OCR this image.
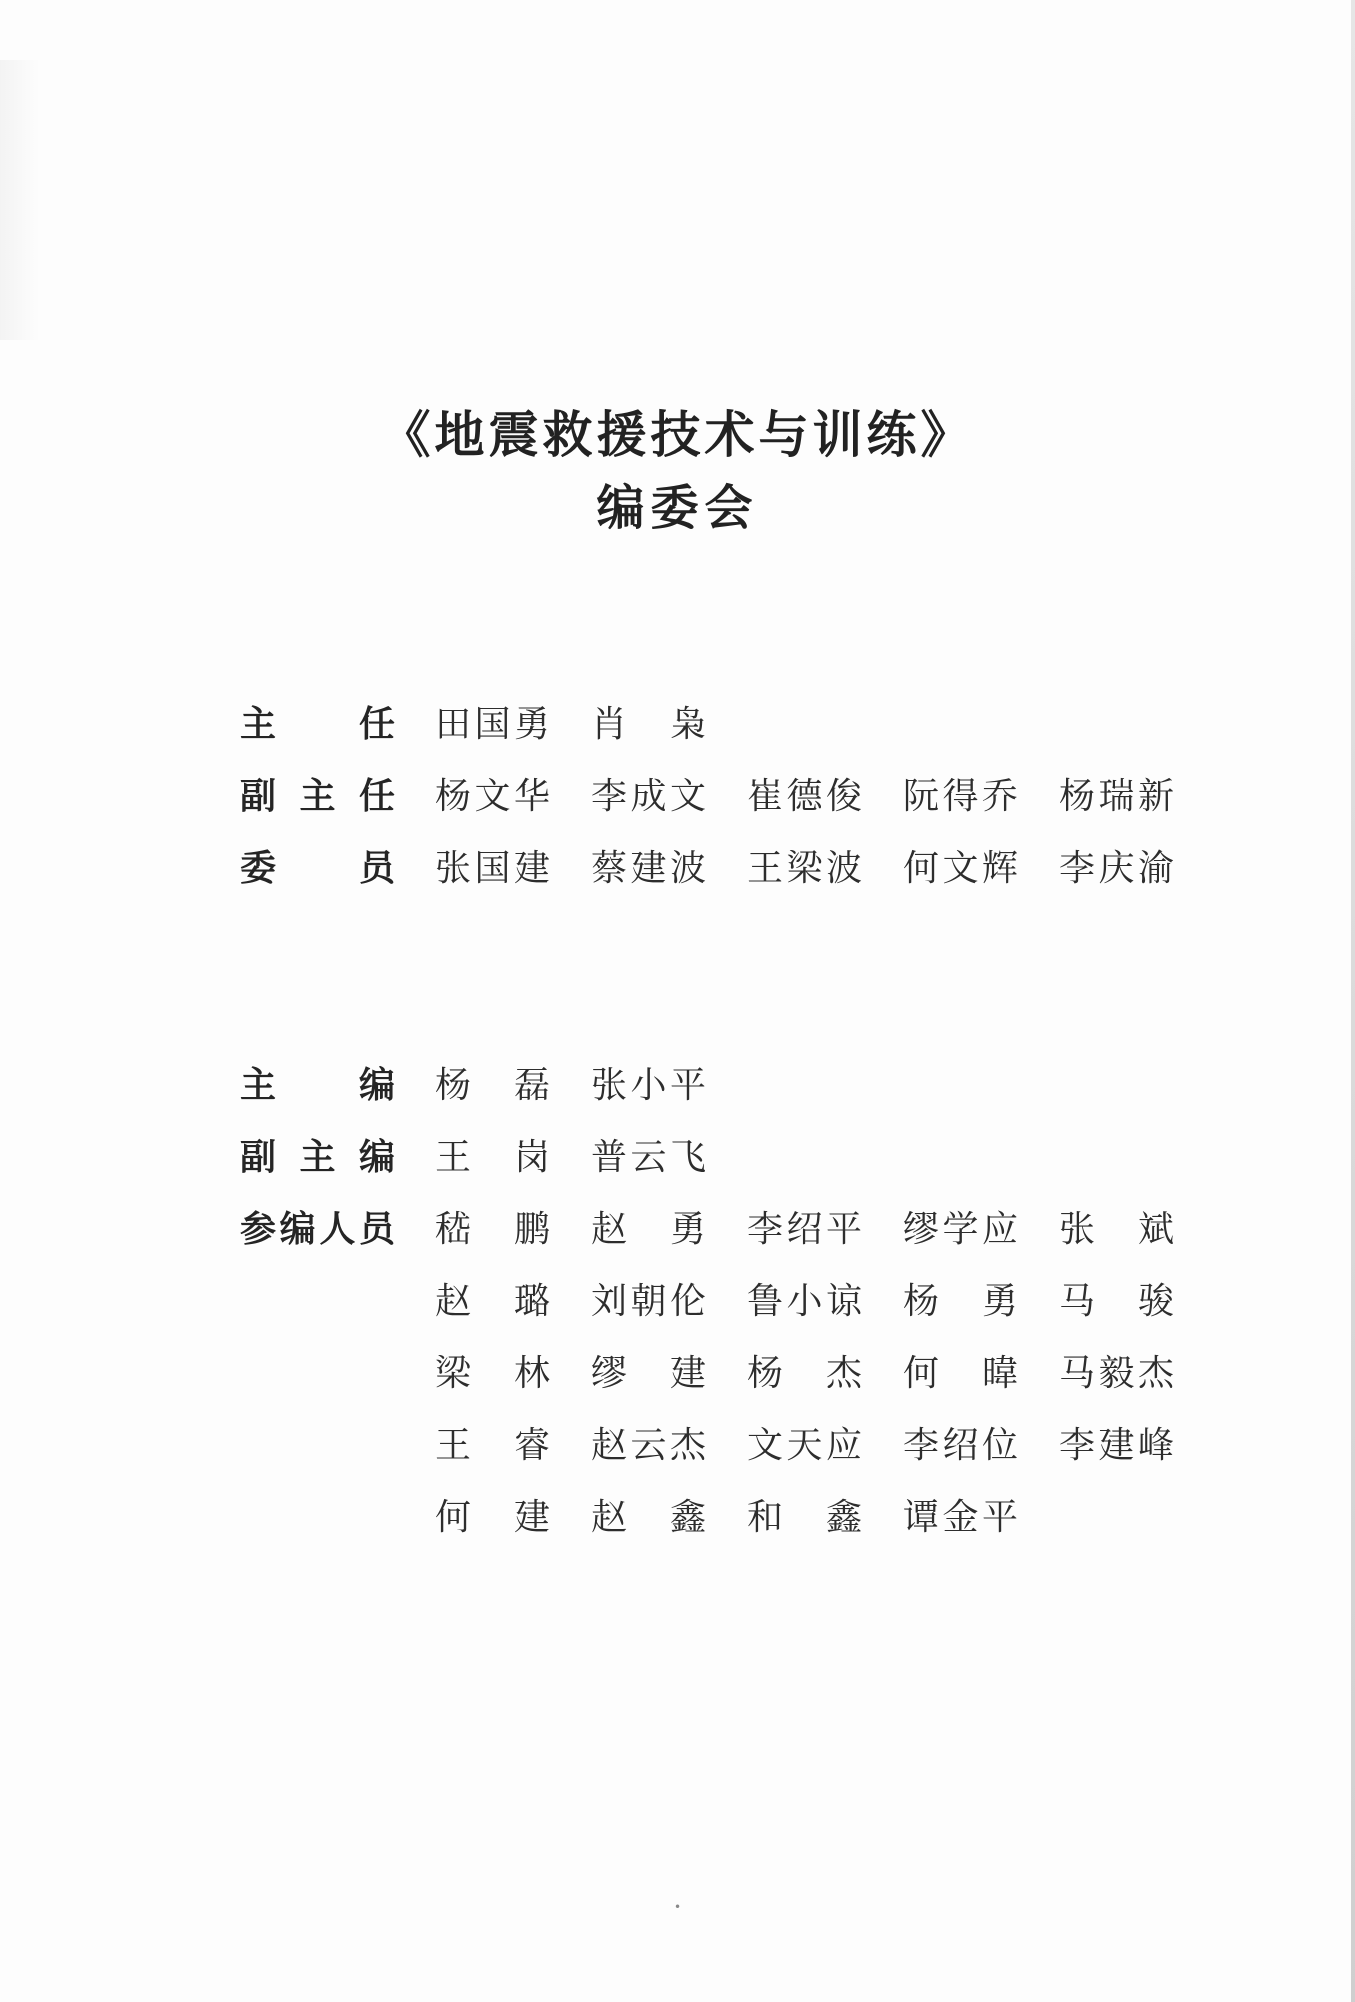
《地震救援技术与训练》
编委会
主　　任 田国勇 肖 枭
副 主 任 杨文华 李成文 崔德俊 阮得乔 杨瑞新
委　　员 张国建 蔡建波 王梁波 何文辉 李庆渝
主　　编 杨 磊 张小平
副 主 编 王 岗 普云飞
参编人员 嵇 鹏 赵 勇 李绍平 缪学应 张 斌
赵 璐 刘朝伦 鲁小谅 杨 勇 马 骏
梁 林 缪 建 杨 杰 何 暐 马毅杰
王 睿 赵云杰 文天应 李绍位 李建峰
何 建 赵 鑫 和 鑫 谭金平
•
